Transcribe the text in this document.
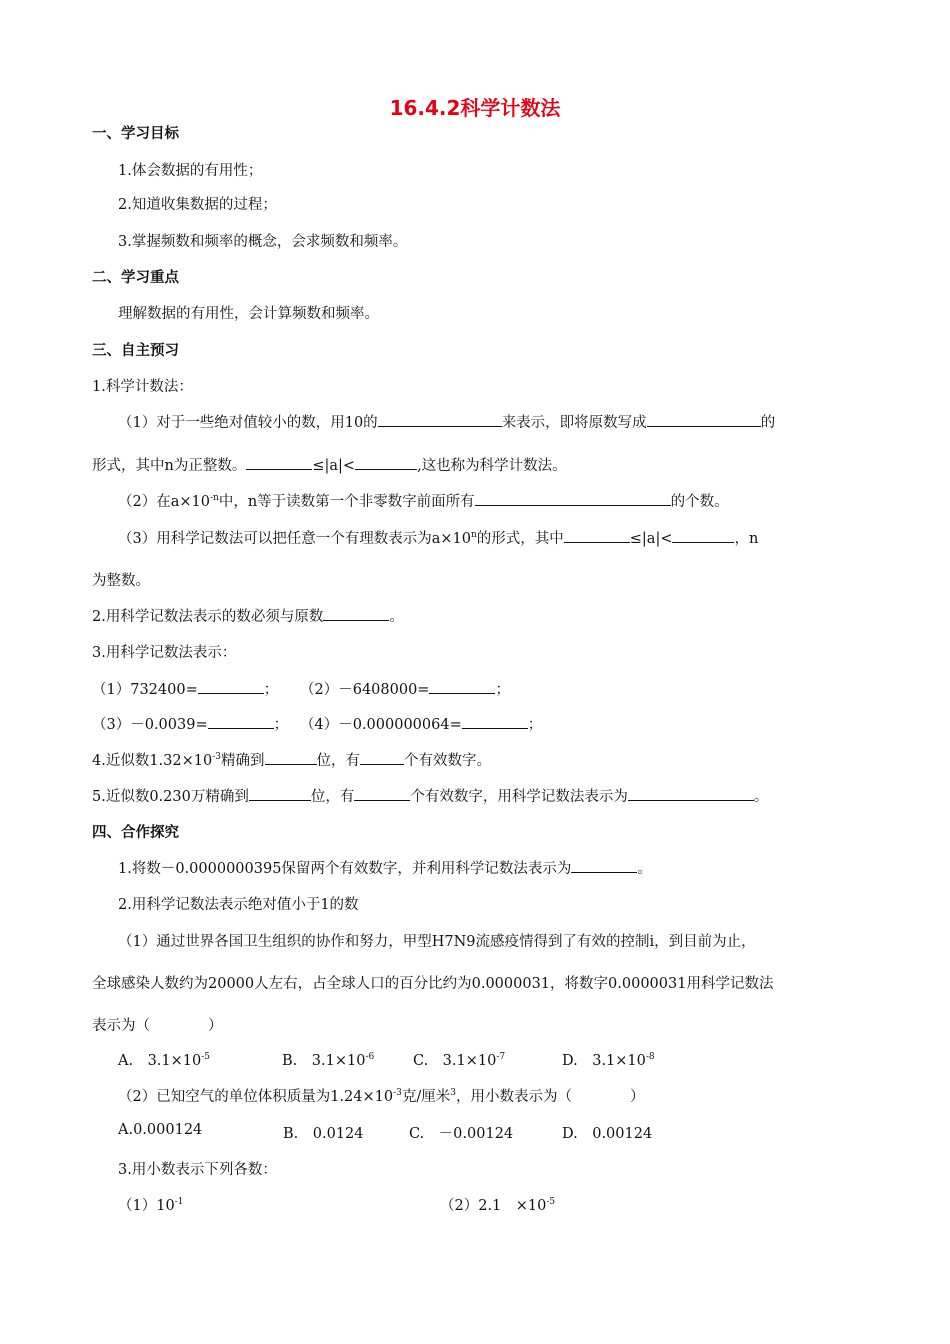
16.4.2科学计数法
一、学习目标
1.体会数据的有用性；
2.知道收集数据的过程；
3.掌握频数和频率的概念，会求频数和频率。
二、学习重点
理解数据的有用性，会计算频数和频率。
三、自主预习
1.科学计数法：
（1）对于一些绝对值较小的数，用10的	来表示，即将原数写成	的
形式，其中n为正整数。	≤|a|<	,这也称为科学计数法。
（2）在$a\times 10^{-n}$中，n等于读数第一个非零数字前面所有	的个数。
（3）用科学记数法可以把任意一个有理数表示为$a\times 10^n$的形式，其中	≤|a|<	，n
为整数。
2.用科学记数法表示的数必须与原数	。
3.用科学记数法表示：
（1）732400=	； （2）－6408000=	；
（3）－0.0039=	； （4）－0.000000064=	；
4.近似数$1.32\times 10^{-3}$精确到	位，有	个有效数字。
5.近似数0.230万精确到	位，有	个有效数字，用科学记数法表示为	。
四、合作探究
1.将数－0.0000000395保留两个有效数字，并利用科学记数法表示为	。
2.用科学记数法表示绝对值小于1的数
（1）通过世界各国卫生组织的协作和努力，甲型H7N9流感疫情得到了有效的控制i，到目前为止，
全球感染人数约为20000人左右，占全球人口的百分比约为0.0000031，将数字0.0000031用科学记数法
表示为（　　　　）
A.　$3.1\times 10^{-5}$	B.　$3.1\times 10^{-6}$	C.　$3.1\times 10^{-7}$	D.　$3.1\times 10^{-8}$
（2）已知空气的单位体积质量为$1.24\times 10^{-3}$克/厘米$^3$，用小数表示为（　　　　）
A.0.000124	B.　0.0124	C.　－0.00124	D.　0.00124
3.用小数表示下列各数：
$(1)10^{-1}$	（2）2.1　$\times 10^{-5}$
